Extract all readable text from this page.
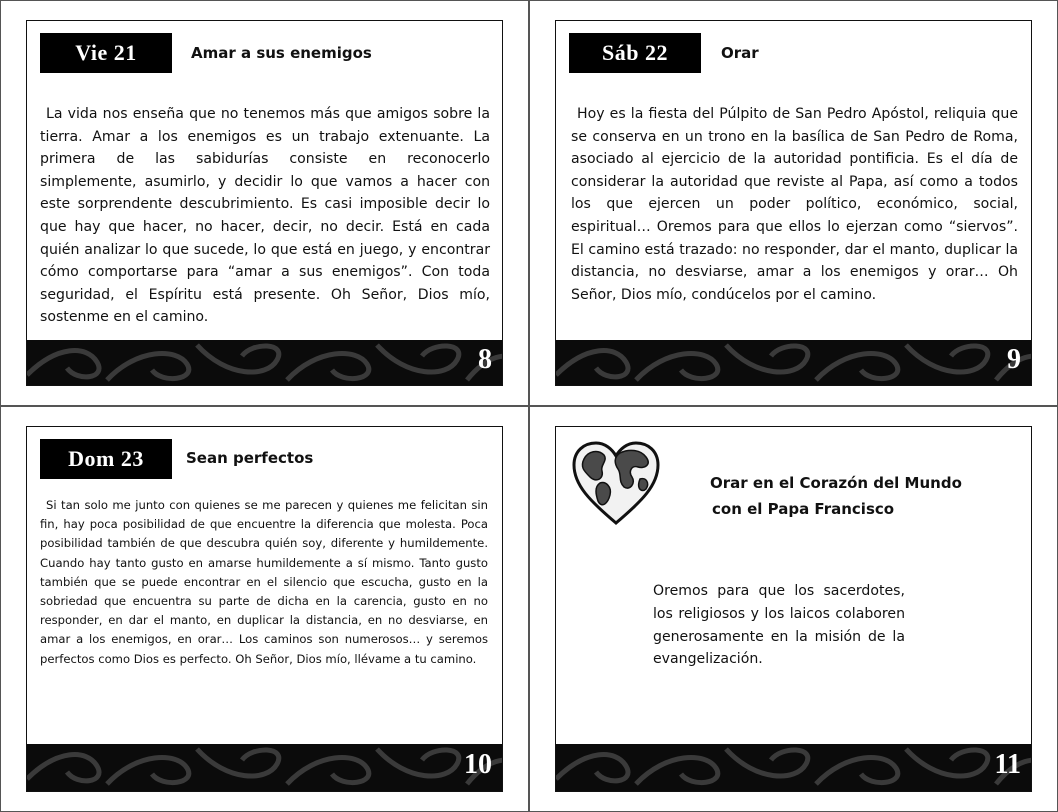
Vie 21	Amar a sus enemigos
La vida nos enseña que no tenemos más que amigos sobre la tierra. Amar a los enemigos es un trabajo extenuante. La primera de las sabidurías consiste en reconocerlo simplemente, asumirlo, y decidir lo que vamos a hacer con este sorprendente descubrimiento. Es casi imposible decir lo que hay que hacer, no hacer, decir, no decir. Está en cada quién analizar lo que sucede, lo que está en juego, y encontrar cómo comportarse para “amar a sus enemigos”. Con toda seguridad, el Espíritu está presente. Oh Señor, Dios mío, sostenme en el camino.
8
Sáb 22	Orar
Hoy es la fiesta del Púlpito de San Pedro Apóstol, reliquia que se conserva en un trono en la basílica de San Pedro de Roma, asociado al ejercicio de la autoridad pontificia. Es el día de considerar la autoridad que reviste al Papa, así como a todos los que ejercen un poder político, económico, social, espiritual… Oremos para que ellos lo ejerzan como “siervos”. El camino está trazado: no responder, dar el manto, duplicar la distancia, no desviarse, amar a los enemigos y orar… Oh Señor, Dios mío, condúcelos por el camino.
9
Dom 23	Sean perfectos
Si tan solo me junto con quienes se me parecen y quienes me felicitan sin fin, hay poca posibilidad de que encuentre la diferencia que molesta. Poca posibilidad también de que descubra quién soy, diferente y humildemente. Cuando hay tanto gusto en amarse humildemente a sí mismo. Tanto gusto también que se puede encontrar en el silencio que escucha, gusto en la sobriedad que encuentra su parte de dicha en la carencia, gusto en no responder, en dar el manto, en duplicar la distancia, en no desviarse, en amar a los enemigos, en orar… Los caminos son numerosos… y seremos perfectos como Dios es perfecto. Oh Señor, Dios mío, llévame a tu camino.
10
Orar en el Corazón del Mundo
con el Papa Francisco
Oremos para que los sacerdotes, los religiosos y los laicos colaboren generosamente en la misión de la evangelización.
11
